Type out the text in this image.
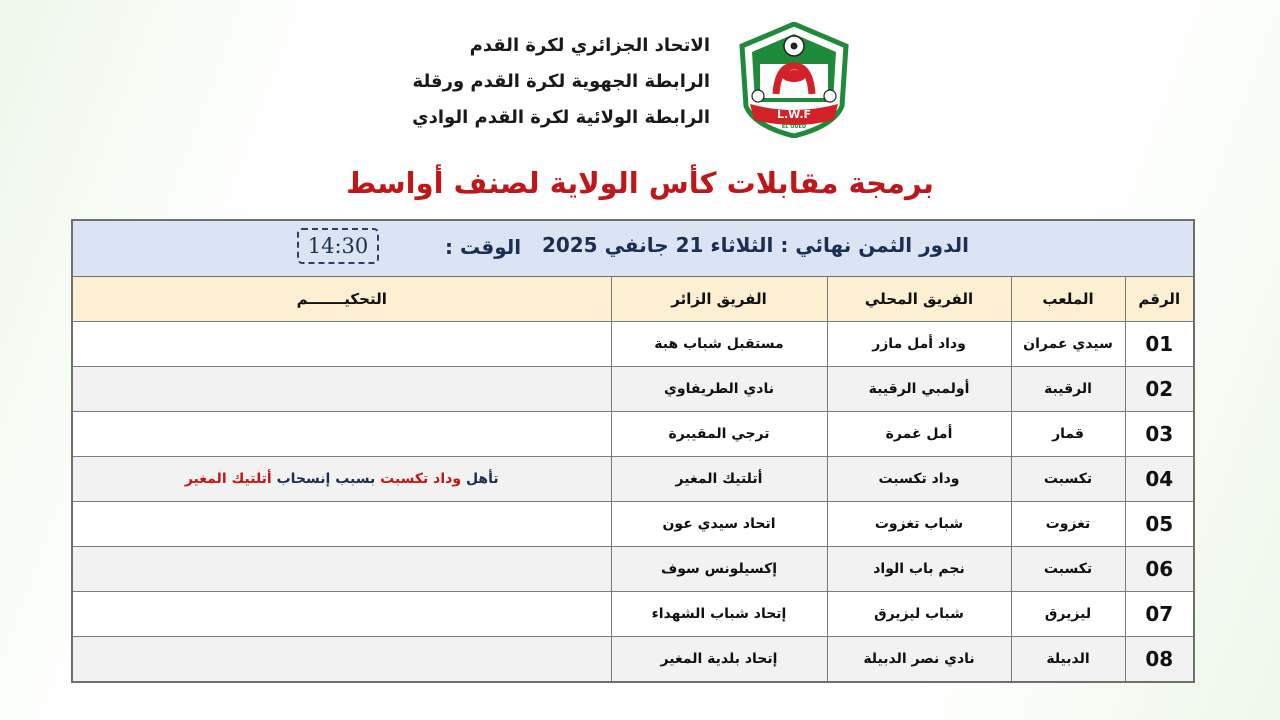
الاتحاد الجزائري لكرة القدم
الرابطة الجهوية لكرة القدم ورقلة
الرابطة الولائية لكرة القدم الوادي	L.W.F
EL OUED
برمجة مقابلات كأس الولاية لصنف أواسط
الدور الثمن نهائي : الثلاثاء 21 جانفي 2025
الوقت :
14:30
الرقم	الملعب	الفريق المحلي	الفريق الزائر	التحكيـــــــم
01	سيدي عمران	وداد أمل مازر	مستقبل شباب هبة	
02	الرقيبة	أولمبي الرقيبة	نادي الطريفاوي	
03	قمار	أمل غمرة	ترجي المقيبرة	
04	تكسبت	وداد تكسبت	أتلتيك المغير	تأهل وداد تكسبت بسبب إنسحاب أتلتيك المغير
05	تغزوت	شباب تغزوت	اتحاد سيدي عون	
06	تكسبت	نجم باب الواد	إكسيلونس سوف	
07	ليزيرق	شباب ليزيرق	إتحاد شباب الشهداء	
08	الدبيلة	نادي نصر الدبيلة	إتحاد بلدية المغير	
